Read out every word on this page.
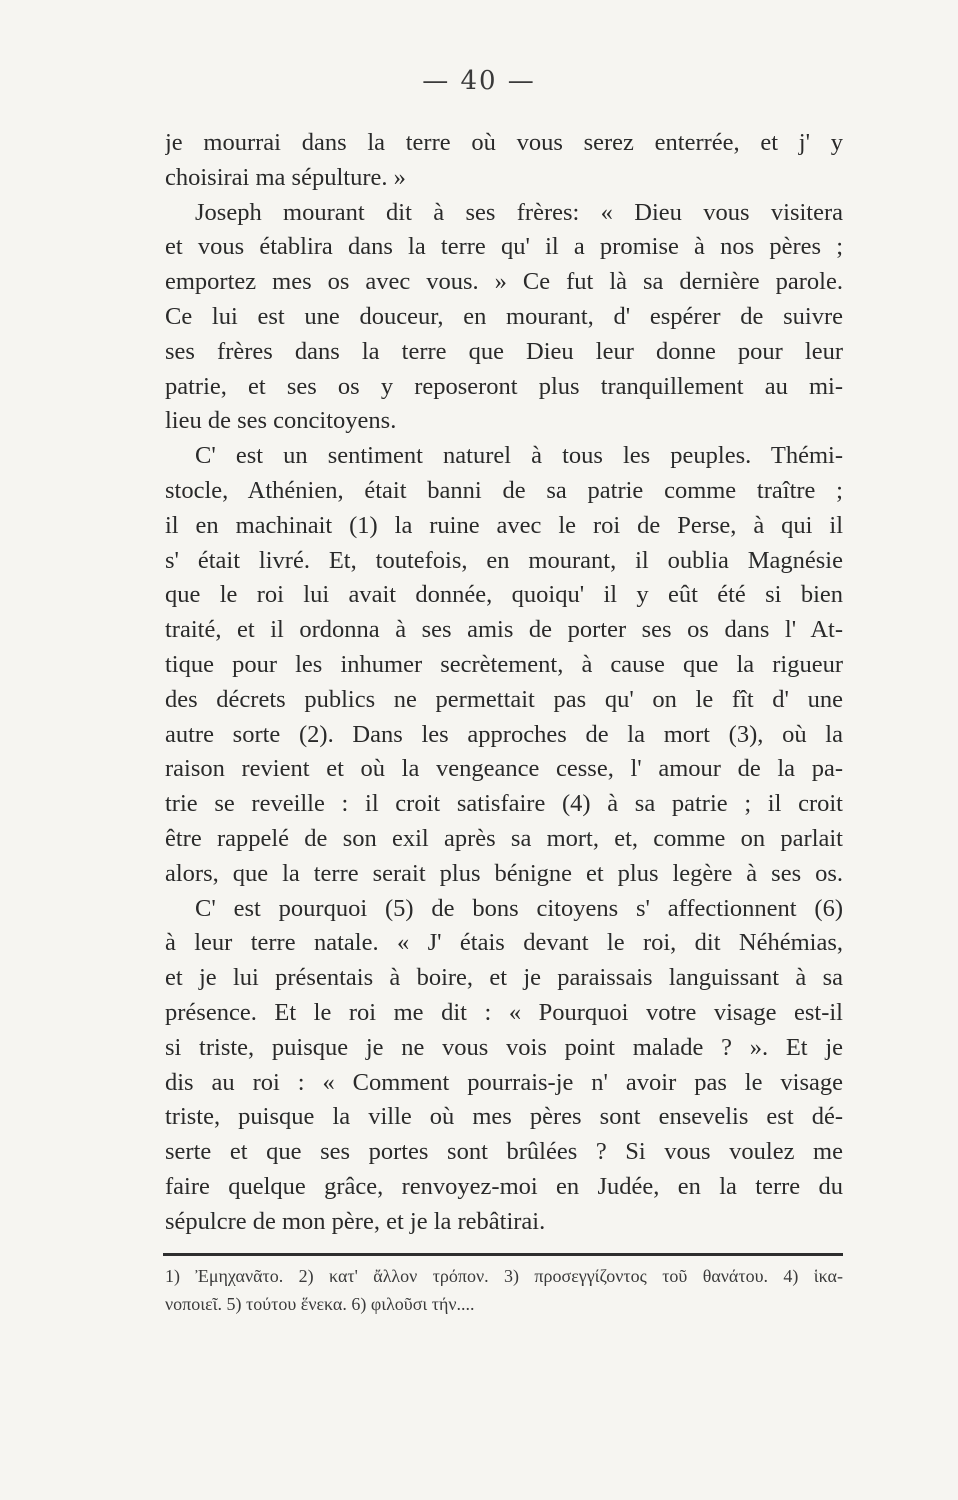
— 40 —
je mourrai dans la terre où vous serez enterrée, et j' y
choisirai ma sépulture. »
Joseph mourant dit à ses frères: « Dieu vous visitera
et vous établira dans la terre qu' il a promise à nos pères ;
emportez mes os avec vous. » Ce fut là sa dernière parole.
Ce lui est une douceur, en mourant, d' espérer de suivre
ses frères dans la terre que Dieu leur donne pour leur
patrie, et ses os y reposeront plus tranquillement au mi-
lieu de ses concitoyens.
C' est un sentiment naturel à tous les peuples. Thémi-
stocle, Athénien, était banni de sa patrie comme traître ;
il en machinait (1) la ruine avec le roi de Perse, à qui il
s' était livré. Et, toutefois, en mourant, il oublia Magnésie
que le roi lui avait donnée, quoiqu' il y eût été si bien
traité, et il ordonna à ses amis de porter ses os dans l' At-
tique pour les inhumer secrètement, à cause que la rigueur
des décrets publics ne permettait pas qu' on le fît d' une
autre sorte (2). Dans les approches de la mort (3), où la
raison revient et où la vengeance cesse, l' amour de la pa-
trie se reveille : il croit satisfaire (4) à sa patrie ; il croit
être rappelé de son exil après sa mort, et, comme on parlait
alors, que la terre serait plus bénigne et plus legère à ses os.
C' est pourquoi (5) de bons citoyens s' affectionnent (6)
à leur terre natale. « J' étais devant le roi, dit Néhémias,
et je lui présentais à boire, et je paraissais languissant à sa
présence. Et le roi me dit : « Pourquoi votre visage est-il
si triste, puisque je ne vous vois point malade ? ». Et je
dis au roi : « Comment pourrais-je n' avoir pas le visage
triste, puisque la ville où mes pères sont ensevelis est dé-
serte et que ses portes sont brûlées ? Si vous voulez me
faire quelque grâce, renvoyez-moi en Judée, en la terre du
sépulcre de mon père, et je la rebâtirai.
1) Ἐμηχανᾶτο. 2) κατ' ἄλλον τρόπον. 3) προσεγγίζοντος τοῦ θανάτου. 4) ἱκα-
νοποιεῖ. 5) τούτου ἕνεκα. 6) φιλοῦσι τήν....
